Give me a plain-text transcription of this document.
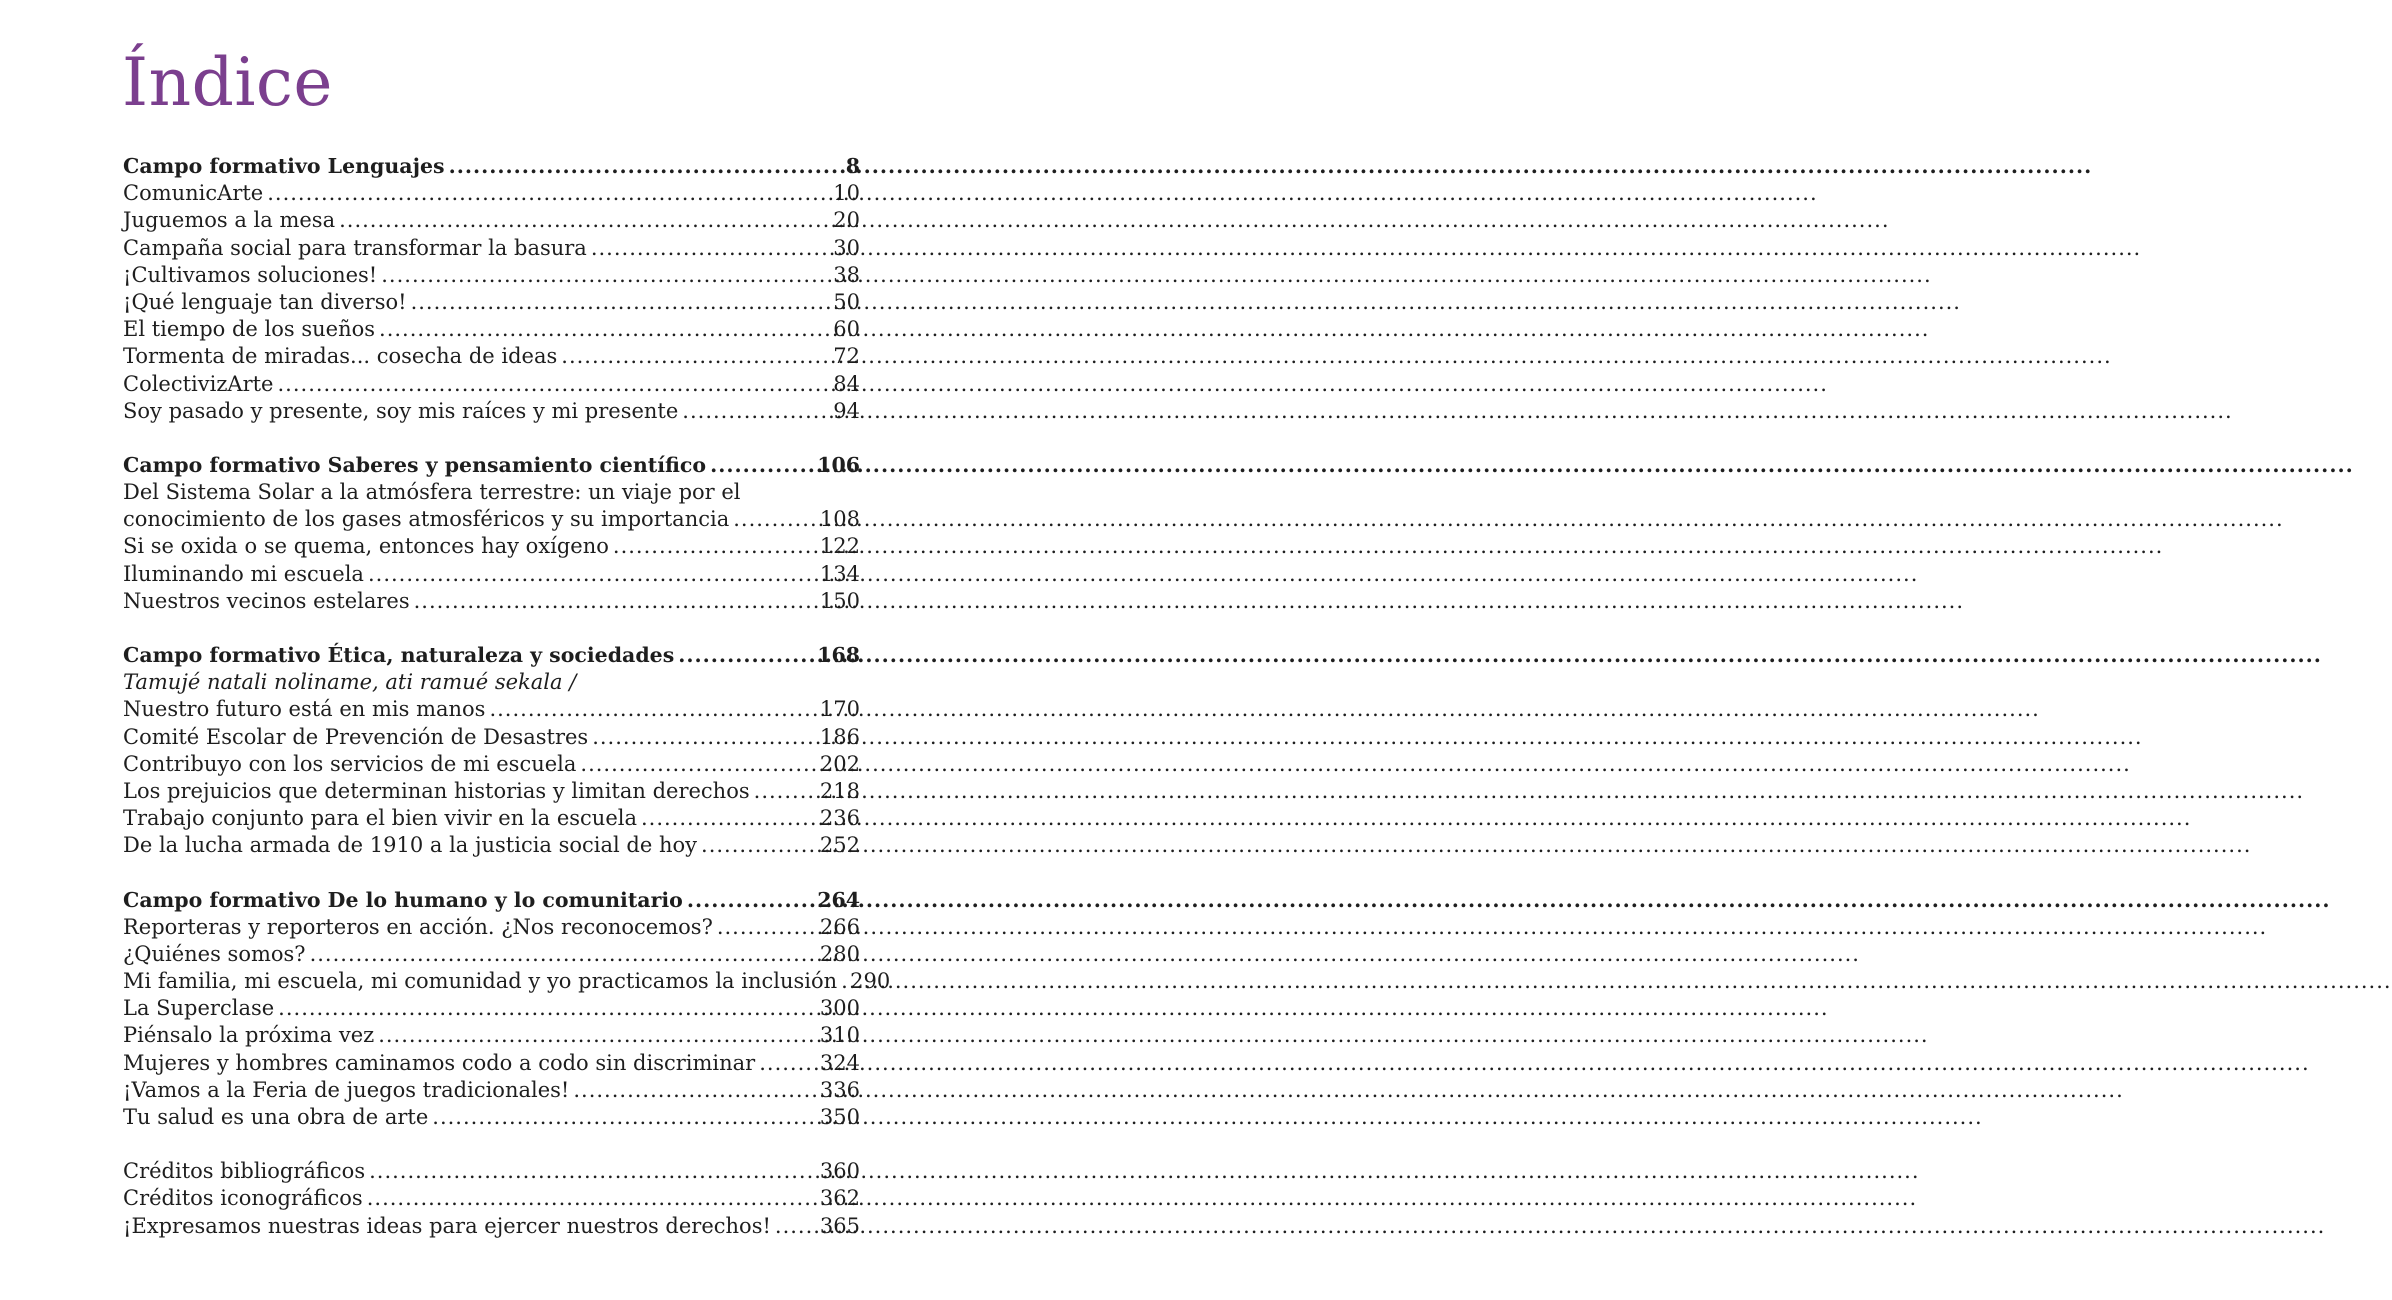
Índice
Campo formativo Lenguajes .....	8
ComunicArte .....	10
Juguemos a la mesa .....	20
Campaña social para transformar la basura .....	30
¡Cultivamos soluciones! .....	38
¡Qué lenguaje tan diverso! .....	50
El tiempo de los sueños .....	60
Tormenta de miradas... cosecha de ideas .....	72
ColectivizArte .....	84
Soy pasado y presente, soy mis raíces y mi presente .....	94
Campo formativo Saberes y pensamiento científico .....	106
Del Sistema Solar a la atmósfera terrestre: un viaje por el
conocimiento de los gases atmosféricos y su importancia .....	108
Si se oxida o se quema, entonces hay oxígeno .....	122
Iluminando mi escuela .....	134
Nuestros vecinos estelares .....	150
Campo formativo Ética, naturaleza y sociedades .....	168
Tamujé natali noliname, ati ramué sekala /
Nuestro futuro está en mis manos .....	170
Comité Escolar de Prevención de Desastres .....	186
Contribuyo con los servicios de mi escuela .....	202
Los prejuicios que determinan historias y limitan derechos .....	218
Trabajo conjunto para el bien vivir en la escuela .....	236
De la lucha armada de 1910 a la justicia social de hoy .....	252
Campo formativo De lo humano y lo comunitario .....	264
Reporteras y reporteros en acción. ¿Nos reconocemos? .....	266
¿Quiénes somos? .....	280
Mi familia, mi escuela, mi comunidad y yo practicamos la inclusión ..... 290
La Superclase .....	300
Piénsalo la próxima vez .....	310
Mujeres y hombres caminamos codo a codo sin discriminar .....	324
¡Vamos a la Feria de juegos tradicionales! .....	336
Tu salud es una obra de arte .....	350
Créditos bibliográficos .....	360
Créditos iconográficos .....	362
¡Expresamos nuestras ideas para ejercer nuestros derechos! ..... 365
